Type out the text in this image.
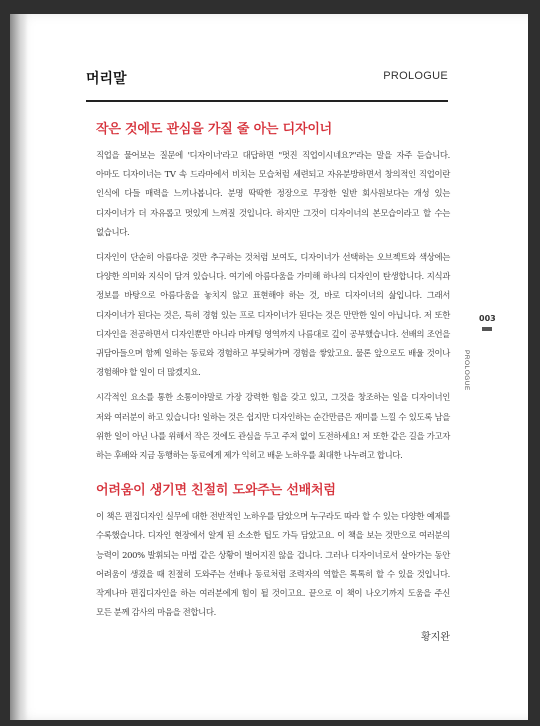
머리말	PROLOGUE
작은 것에도 관심을 가질 줄 아는 디자이너

직업을 물어보는 질문에 '디자이너'라고 대답하면 "멋진 직업이시네요?"라는 말을 자주 듣습니다. 아마도 디자이너는 TV 속 드라마에서 비치는 모습처럼 세련되고 자유분방하면서 창의적인 직업이란 인식에 다들 매력을 느끼나봅니다. 분명 딱딱한 정장으로 무장한 일반 회사원보다는 개성 있는 디자이너가 더 자유롭고 멋있게 느껴질 것입니다. 하지만 그것이 디자이너의 본모습이라고 할 수는 없습니다.

디자인이 단순히 아름다운 것만 추구하는 것처럼 보여도, 디자이너가 선택하는 오브젝트와 색상에는 다양한 의미와 지식이 담겨 있습니다. 여기에 아름다움을 가미해 하나의 디자인이 탄생합니다. 지식과 정보를 바탕으로 아름다움을 놓치지 않고 표현해야 하는 것, 바로 디자이너의 삶입니다. 그래서 디자이너가 된다는 것은, 특히 경험 있는 프로 디자이너가 된다는 것은 만만한 일이 아닙니다. 저 또한 디자인을 전공하면서 디자인뿐만 아니라 마케팅 영역까지 나름대로 깊이 공부했습니다. 선배의 조언을 귀담아들으며 함께 일하는 동료와 경험하고 부딪혀가며 경험을 쌓았고요. 물론 앞으로도 배울 것이나 경험해야 할 일이 더 많겠지요.

시각적인 요소를 통한 소통이야말로 가장 강력한 힘을 갖고 있고, 그것을 창조하는 일을 디자이너인 저와 여러분이 하고 있습니다! 일하는 것은 쉽지만 디자인하는 순간만큼은 재미를 느낄 수 있도록 남을 위한 일이 아닌 나를 위해서 작은 것에도 관심을 두고 주저 없이 도전하세요! 저 또한 같은 길을 가고자 하는 후배와 지금 동행하는 동료에게 제가 익히고 배운 노하우를 최대한 나누려고 합니다.

어려움이 생기면 친절히 도와주는 선배처럼

이 책은 편집디자인 실무에 대한 전반적인 노하우를 담았으며 누구라도 따라 할 수 있는 다양한 예제를 수록했습니다. 디자인 현장에서 알게 된 소소한 팁도 가득 담았고요. 이 책을 보는 것만으로 여러분의 능력이 200% 발휘되는 마법 같은 상황이 벌어지진 않을 겁니다. 그러나 디자이너로서 살아가는 동안 어려움이 생겼을 때 친절히 도와주는 선배나 동료처럼 조력자의 역할은 톡톡히 할 수 있을 것입니다. 작게나마 편집디자인을 하는 여러분에게 힘이 될 것이고요. 끝으로 이 책이 나오기까지 도움을 주신 모든 분께 감사의 마음을 전합니다.

황지완
003
PROLOGUE
